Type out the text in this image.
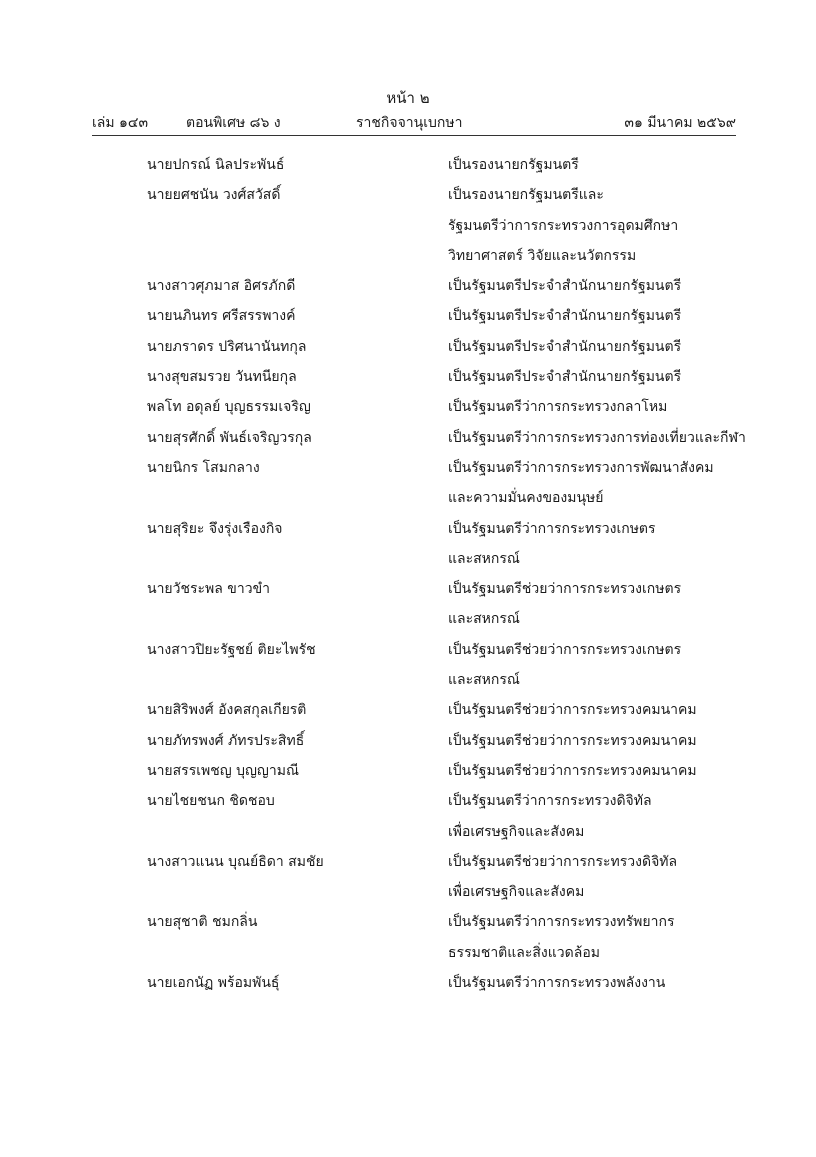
หน้า ๒
เล่ม ๑๔๓	ตอนพิเศษ ๘๖ ง	ราชกิจจานุเบกษา	๓๑ มีนาคม ๒๕๖๙
นายปกรณ์ นิลประพันธ์	เป็นรองนายกรัฐมนตรี
นายยศชนัน วงศ์สวัสดิ์	เป็นรองนายกรัฐมนตรีและ
รัฐมนตรีว่าการกระทรวงการอุดมศึกษา
วิทยาศาสตร์ วิจัยและนวัตกรรม
นางสาวศุภมาส อิศรภักดี	เป็นรัฐมนตรีประจำสำนักนายกรัฐมนตรี
นายนภินทร ศรีสรรพางค์	เป็นรัฐมนตรีประจำสำนักนายกรัฐมนตรี
นายภราดร ปริศนานันทกุล	เป็นรัฐมนตรีประจำสำนักนายกรัฐมนตรี
นางสุขสมรวย วันทนียกุล	เป็นรัฐมนตรีประจำสำนักนายกรัฐมนตรี
พลโท อดุลย์ บุญธรรมเจริญ	เป็นรัฐมนตรีว่าการกระทรวงกลาโหม
นายสุรศักดิ์ พันธ์เจริญวรกุล	เป็นรัฐมนตรีว่าการกระทรวงการท่องเที่ยวและกีฬา
นายนิกร โสมกลาง	เป็นรัฐมนตรีว่าการกระทรวงการพัฒนาสังคม
และความมั่นคงของมนุษย์
นายสุริยะ จึงรุ่งเรืองกิจ	เป็นรัฐมนตรีว่าการกระทรวงเกษตร
และสหกรณ์
นายวัชระพล ขาวขำ	เป็นรัฐมนตรีช่วยว่าการกระทรวงเกษตร
และสหกรณ์
นางสาวปิยะรัฐชย์ ติยะไพรัช	เป็นรัฐมนตรีช่วยว่าการกระทรวงเกษตร
และสหกรณ์
นายสิริพงศ์ อังคสกุลเกียรติ	เป็นรัฐมนตรีช่วยว่าการกระทรวงคมนาคม
นายภัทรพงศ์ ภัทรประสิทธิ์	เป็นรัฐมนตรีช่วยว่าการกระทรวงคมนาคม
นายสรรเพชญ บุญญามณี	เป็นรัฐมนตรีช่วยว่าการกระทรวงคมนาคม
นายไชยชนก ชิดชอบ	เป็นรัฐมนตรีว่าการกระทรวงดิจิทัล
เพื่อเศรษฐกิจและสังคม
นางสาวแนน บุณย์ธิดา สมชัย	เป็นรัฐมนตรีช่วยว่าการกระทรวงดิจิทัล
เพื่อเศรษฐกิจและสังคม
นายสุชาติ ชมกลิ่น	เป็นรัฐมนตรีว่าการกระทรวงทรัพยากร
ธรรมชาติและสิ่งแวดล้อม
นายเอกนัฏ พร้อมพันธุ์	เป็นรัฐมนตรีว่าการกระทรวงพลังงาน
